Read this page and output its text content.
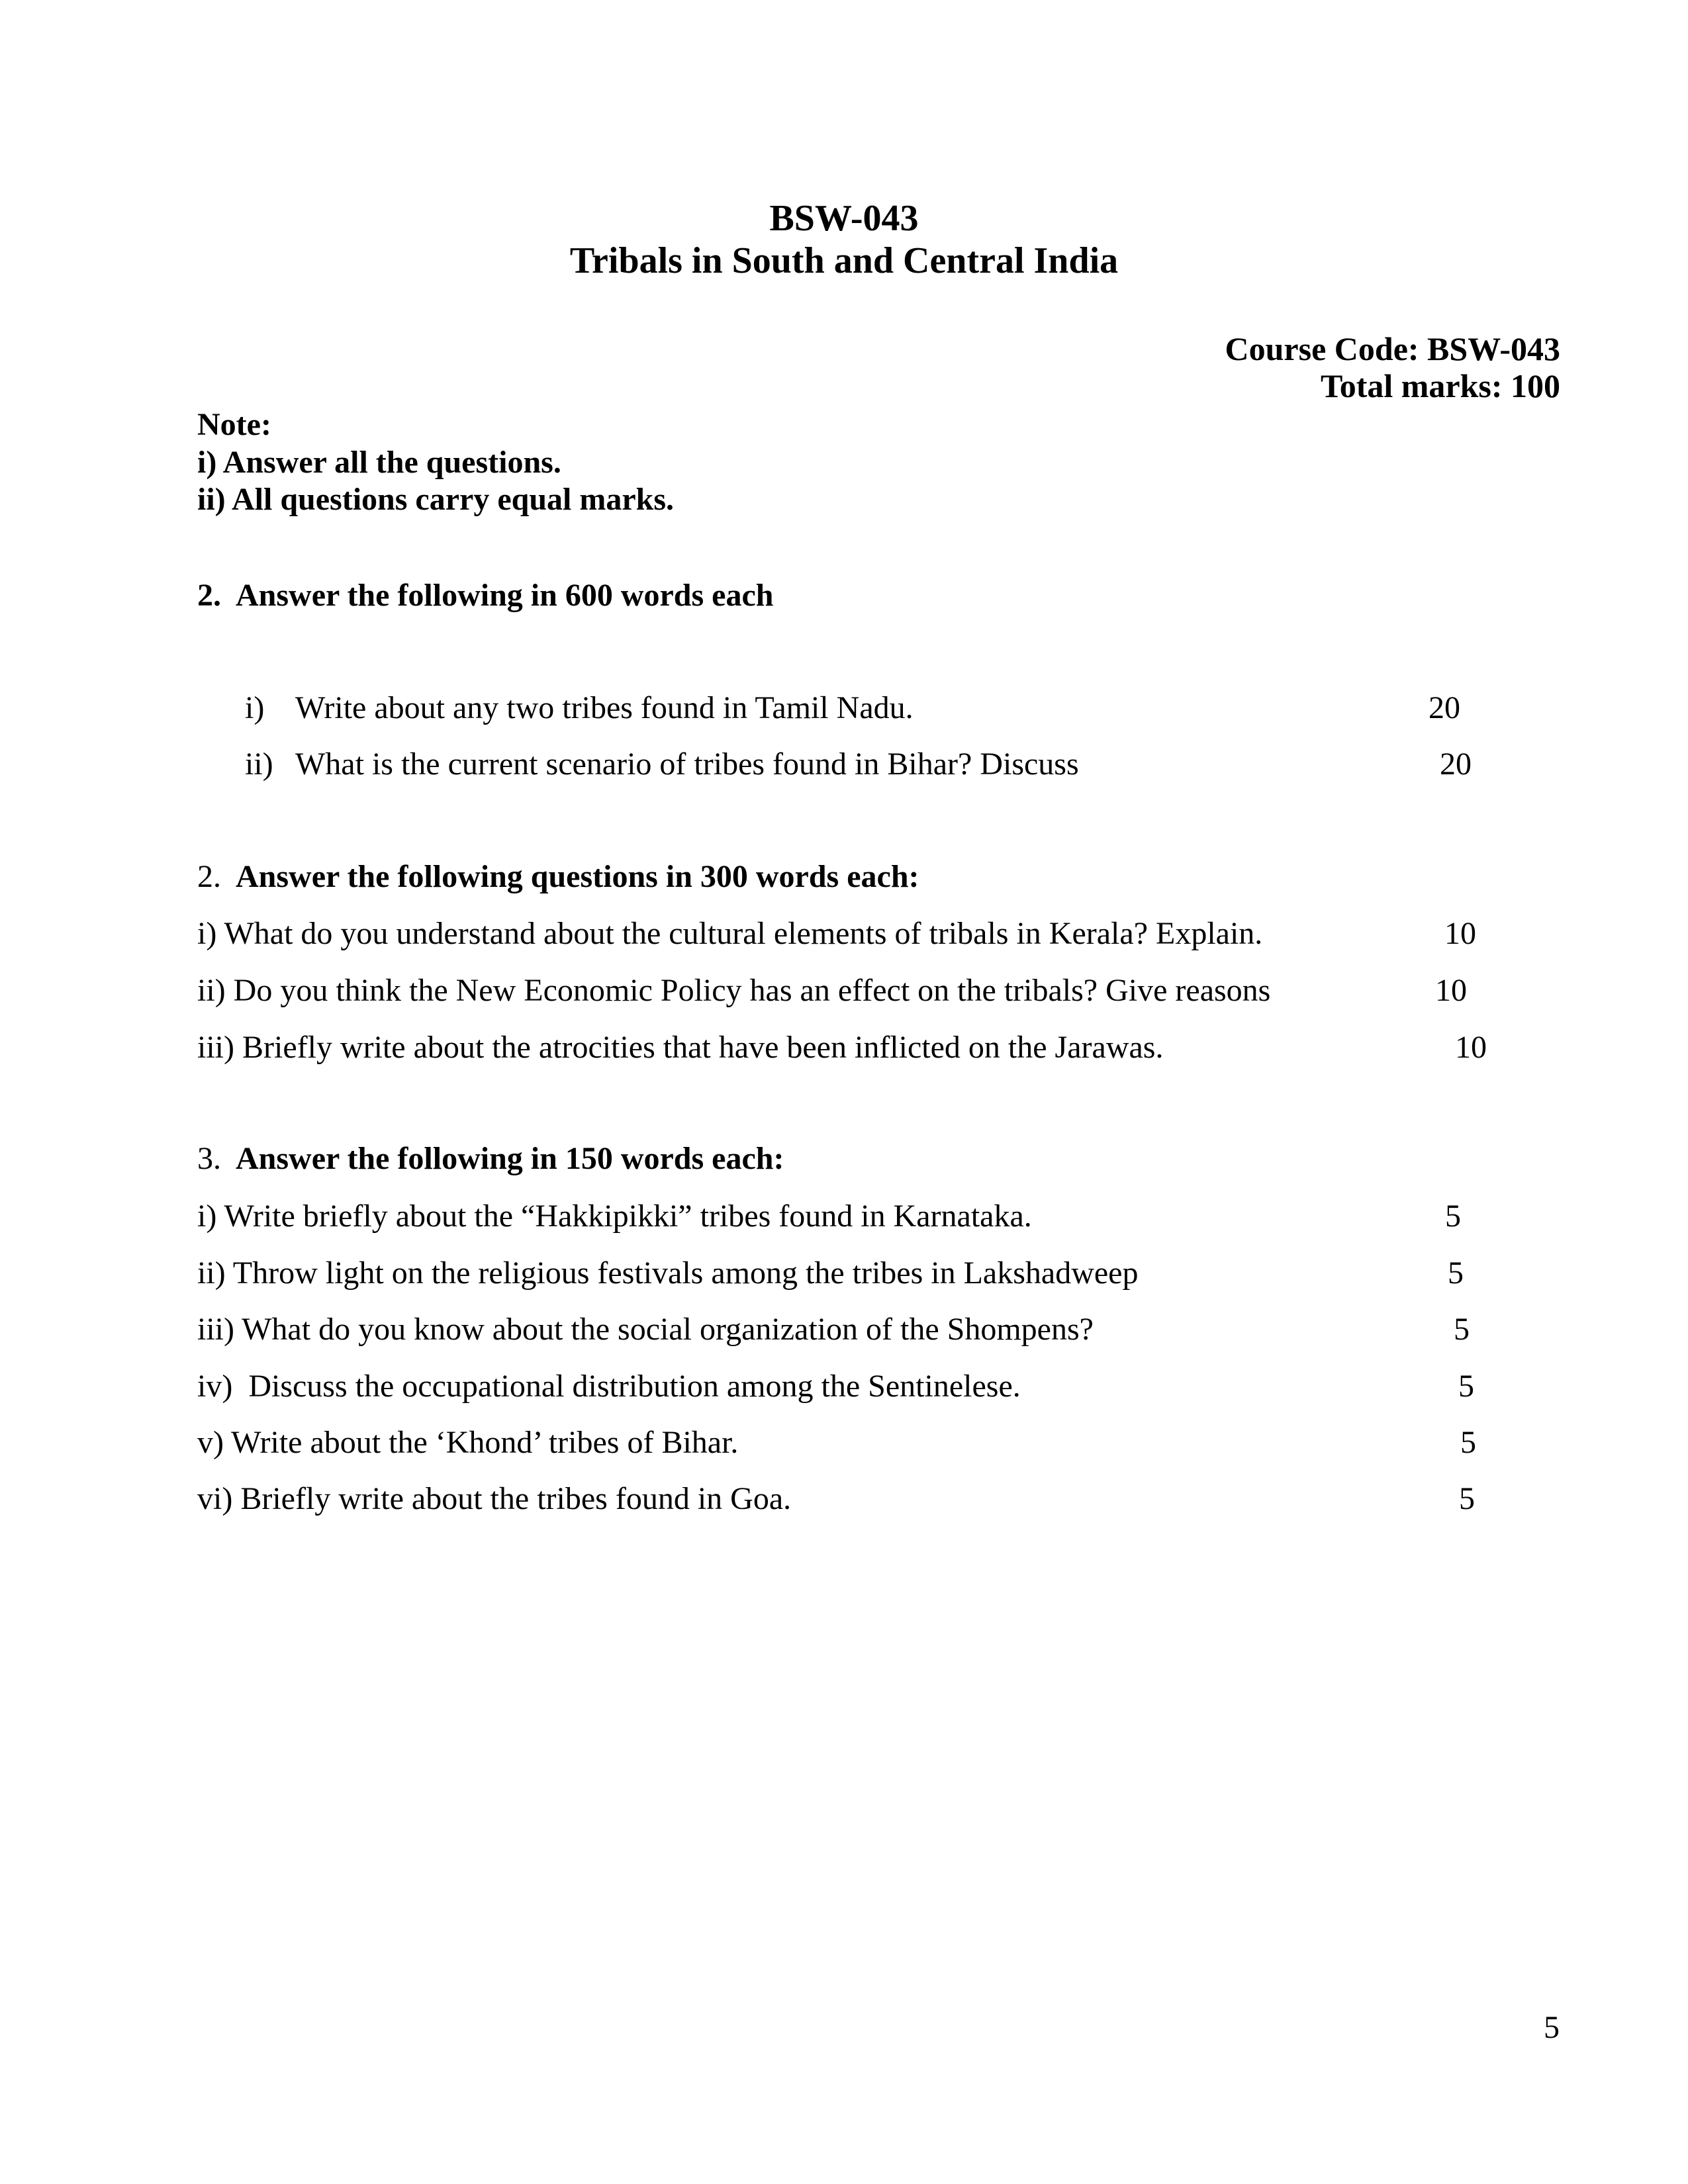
BSW-043
Tribals in South and Central India
Course Code: BSW-043
Total marks: 100
Note:
i) Answer all the questions.
ii) All questions carry equal marks.
2. Answer the following in 600 words each
i) Write about any two tribes found in Tamil Nadu.	20
ii) What is the current scenario of tribes found in Bihar? Discuss	20
2. Answer the following questions in 300 words each:
i) What do you understand about the cultural elements of tribals in Kerala? Explain.	10
ii) Do you think the New Economic Policy has an effect on the tribals? Give reasons	10
iii) Briefly write about the atrocities that have been inflicted on the Jarawas.	10
3. Answer the following in 150 words each:
i) Write briefly about the “Hakkipikki” tribes found in Karnataka.	5
ii) Throw light on the religious festivals among the tribes in Lakshadweep	5
iii) What do you know about the social organization of the Shompens?	5
iv)  Discuss the occupational distribution among the Sentinelese.	5
v) Write about the ‘Khond’ tribes of Bihar.	5
vi) Briefly write about the tribes found in Goa.	5
5
